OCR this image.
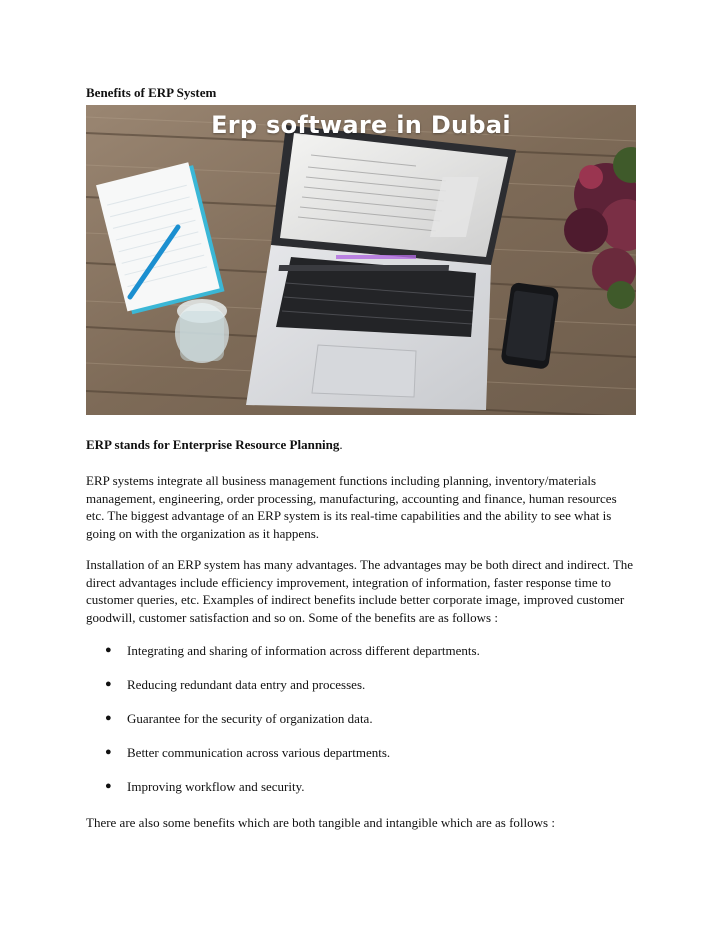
Benefits of ERP System
Erp software in Dubai
ERP stands for Enterprise Resource Planning.
ERP systems integrate all business management functions including planning, inventory/materials management, engineering, order processing, manufacturing, accounting and finance, human resources etc. The biggest advantage of an ERP system is its real-time capabilities and the ability to see what is going on with the organization as it happens.
Installation of an ERP system has many advantages. The advantages may be both direct and indirect. The direct advantages include efficiency improvement, integration of information, faster response time to customer queries, etc. Examples of indirect benefits include better corporate image, improved customer goodwill, customer satisfaction and so on. Some of the benefits are as follows :
● Integrating and sharing of information across different departments.
● Reducing redundant data entry and processes.
● Guarantee for the security of organization data.
● Better communication across various departments.
● Improving workflow and security.
There are also some benefits which are both tangible and intangible which are as follows :
